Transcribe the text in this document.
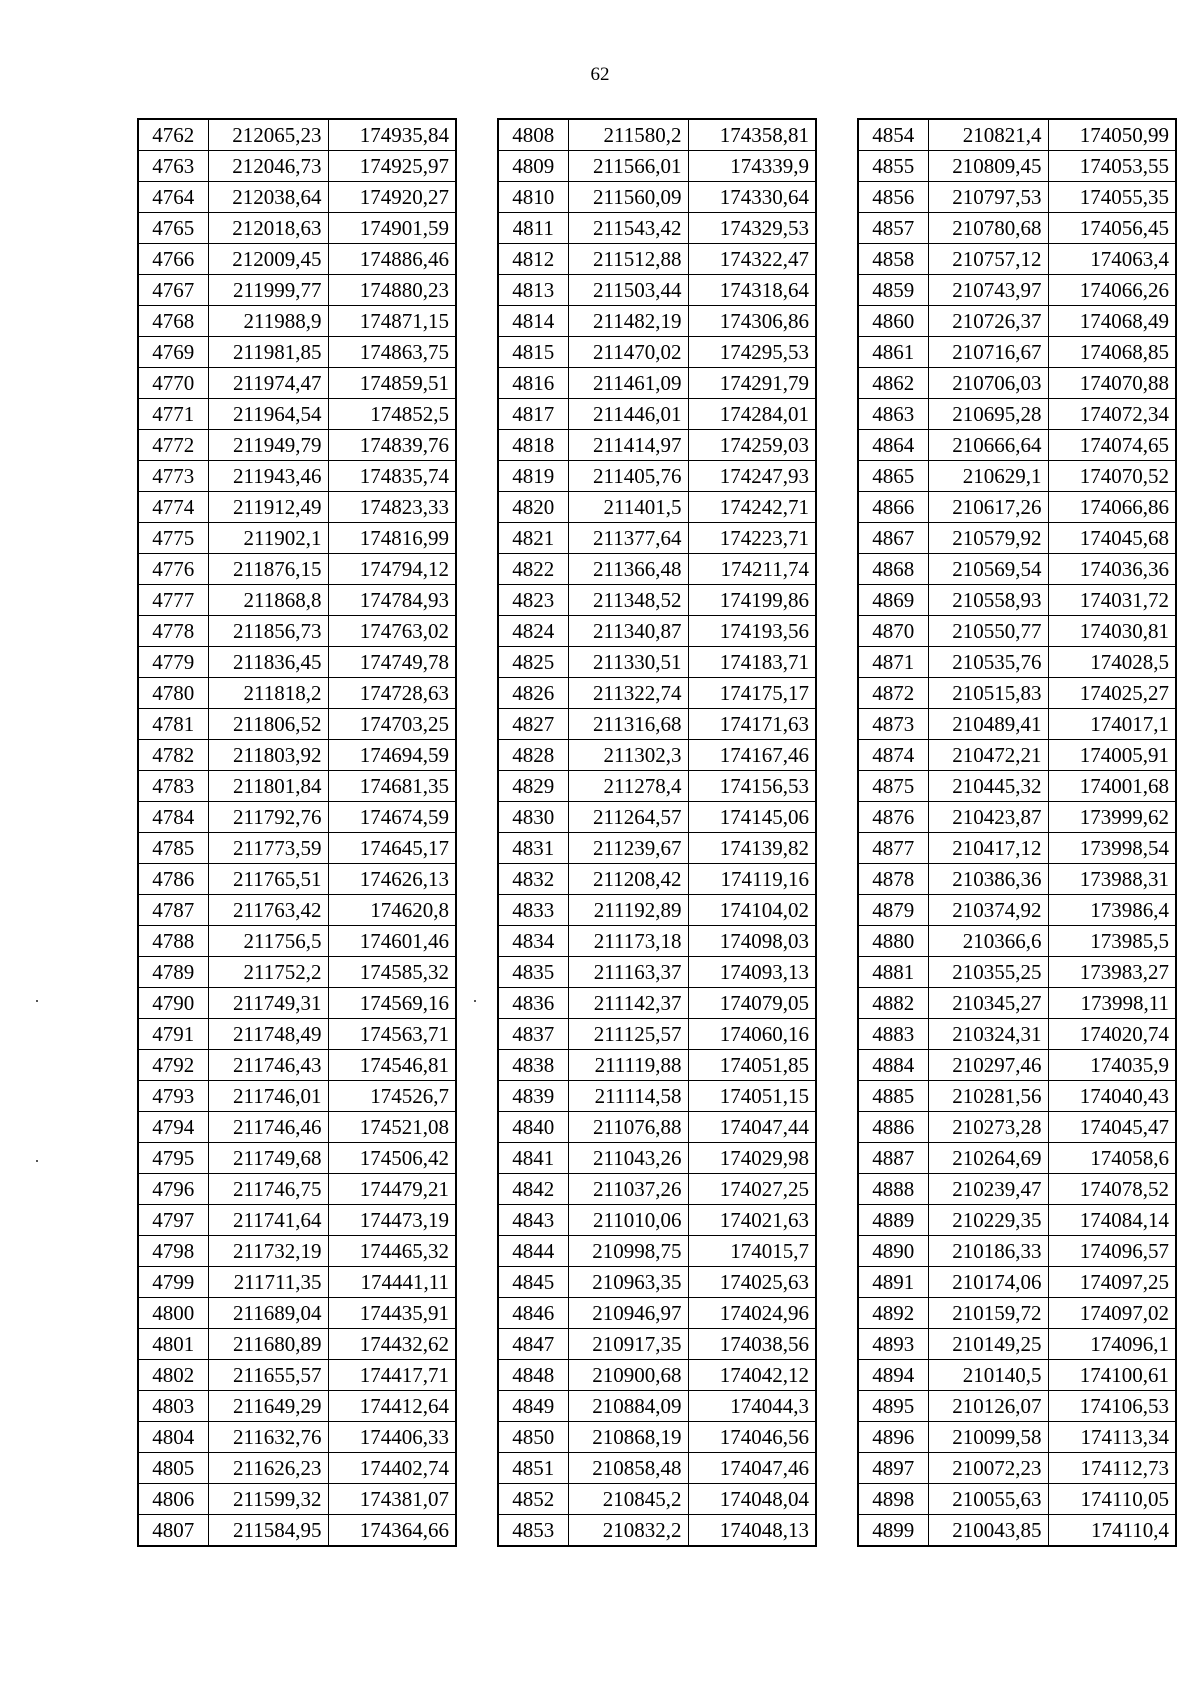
62
4762	212065,23	174935,84
4763	212046,73	174925,97
4764	212038,64	174920,27
4765	212018,63	174901,59
4766	212009,45	174886,46
4767	211999,77	174880,23
4768	211988,9	174871,15
4769	211981,85	174863,75
4770	211974,47	174859,51
4771	211964,54	174852,5
4772	211949,79	174839,76
4773	211943,46	174835,74
4774	211912,49	174823,33
4775	211902,1	174816,99
4776	211876,15	174794,12
4777	211868,8	174784,93
4778	211856,73	174763,02
4779	211836,45	174749,78
4780	211818,2	174728,63
4781	211806,52	174703,25
4782	211803,92	174694,59
4783	211801,84	174681,35
4784	211792,76	174674,59
4785	211773,59	174645,17
4786	211765,51	174626,13
4787	211763,42	174620,8
4788	211756,5	174601,46
4789	211752,2	174585,32
4790	211749,31	174569,16
4791	211748,49	174563,71
4792	211746,43	174546,81
4793	211746,01	174526,7
4794	211746,46	174521,08
4795	211749,68	174506,42
4796	211746,75	174479,21
4797	211741,64	174473,19
4798	211732,19	174465,32
4799	211711,35	174441,11
4800	211689,04	174435,91
4801	211680,89	174432,62
4802	211655,57	174417,71
4803	211649,29	174412,64
4804	211632,76	174406,33
4805	211626,23	174402,74
4806	211599,32	174381,07
4807	211584,95	174364,66
4808	211580,2	174358,81
4809	211566,01	174339,9
4810	211560,09	174330,64
4811	211543,42	174329,53
4812	211512,88	174322,47
4813	211503,44	174318,64
4814	211482,19	174306,86
4815	211470,02	174295,53
4816	211461,09	174291,79
4817	211446,01	174284,01
4818	211414,97	174259,03
4819	211405,76	174247,93
4820	211401,5	174242,71
4821	211377,64	174223,71
4822	211366,48	174211,74
4823	211348,52	174199,86
4824	211340,87	174193,56
4825	211330,51	174183,71
4826	211322,74	174175,17
4827	211316,68	174171,63
4828	211302,3	174167,46
4829	211278,4	174156,53
4830	211264,57	174145,06
4831	211239,67	174139,82
4832	211208,42	174119,16
4833	211192,89	174104,02
4834	211173,18	174098,03
4835	211163,37	174093,13
4836	211142,37	174079,05
4837	211125,57	174060,16
4838	211119,88	174051,85
4839	211114,58	174051,15
4840	211076,88	174047,44
4841	211043,26	174029,98
4842	211037,26	174027,25
4843	211010,06	174021,63
4844	210998,75	174015,7
4845	210963,35	174025,63
4846	210946,97	174024,96
4847	210917,35	174038,56
4848	210900,68	174042,12
4849	210884,09	174044,3
4850	210868,19	174046,56
4851	210858,48	174047,46
4852	210845,2	174048,04
4853	210832,2	174048,13
4854	210821,4	174050,99
4855	210809,45	174053,55
4856	210797,53	174055,35
4857	210780,68	174056,45
4858	210757,12	174063,4
4859	210743,97	174066,26
4860	210726,37	174068,49
4861	210716,67	174068,85
4862	210706,03	174070,88
4863	210695,28	174072,34
4864	210666,64	174074,65
4865	210629,1	174070,52
4866	210617,26	174066,86
4867	210579,92	174045,68
4868	210569,54	174036,36
4869	210558,93	174031,72
4870	210550,77	174030,81
4871	210535,76	174028,5
4872	210515,83	174025,27
4873	210489,41	174017,1
4874	210472,21	174005,91
4875	210445,32	174001,68
4876	210423,87	173999,62
4877	210417,12	173998,54
4878	210386,36	173988,31
4879	210374,92	173986,4
4880	210366,6	173985,5
4881	210355,25	173983,27
4882	210345,27	173998,11
4883	210324,31	174020,74
4884	210297,46	174035,9
4885	210281,56	174040,43
4886	210273,28	174045,47
4887	210264,69	174058,6
4888	210239,47	174078,52
4889	210229,35	174084,14
4890	210186,33	174096,57
4891	210174,06	174097,25
4892	210159,72	174097,02
4893	210149,25	174096,1
4894	210140,5	174100,61
4895	210126,07	174106,53
4896	210099,58	174113,34
4897	210072,23	174112,73
4898	210055,63	174110,05
4899	210043,85	174110,4
